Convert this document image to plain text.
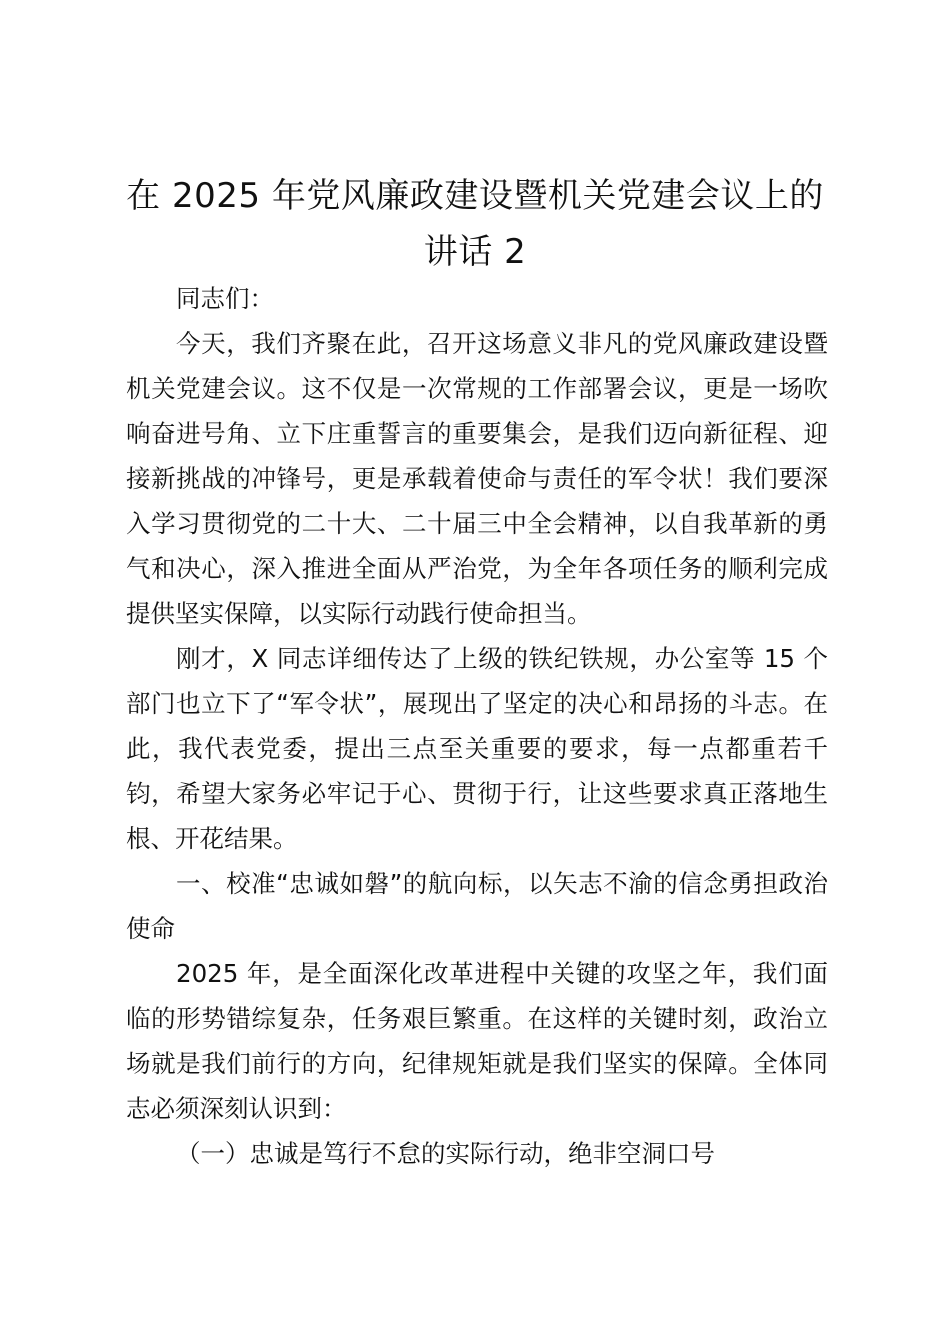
在 2025 年党风廉政建设暨机关党建会议上的讲话 2

同志们：

今天，我们齐聚在此，召开这场意义非凡的党风廉政建设暨机关党建会议。这不仅是一次常规的工作部署会议，更是一场吹响奋进号角、立下庄重誓言的重要集会，是我们迈向新征程、迎接新挑战的冲锋号，更是承载着使命与责任的军令状！我们要深入学习贯彻党的二十大、二十届三中全会精神，以自我革新的勇气和决心，深入推进全面从严治党，为全年各项任务的顺利完成提供坚实保障，以实际行动践行使命担当。

刚才，X 同志详细传达了上级的铁纪铁规，办公室等 15 个部门也立下了“军令状”，展现出了坚定的决心和昂扬的斗志。在此，我代表党委，提出三点至关重要的要求，每一点都重若千钧，希望大家务必牢记于心、贯彻于行，让这些要求真正落地生根、开花结果。

一、校准“忠诚如磐”的航向标，以矢志不渝的信念勇担政治使命

2025 年，是全面深化改革进程中关键的攻坚之年，我们面临的形势错综复杂，任务艰巨繁重。在这样的关键时刻，政治立场就是我们前行的方向，纪律规矩就是我们坚实的保障。全体同志必须深刻认识到：

（一）忠诚是笃行不怠的实际行动，绝非空洞口号
